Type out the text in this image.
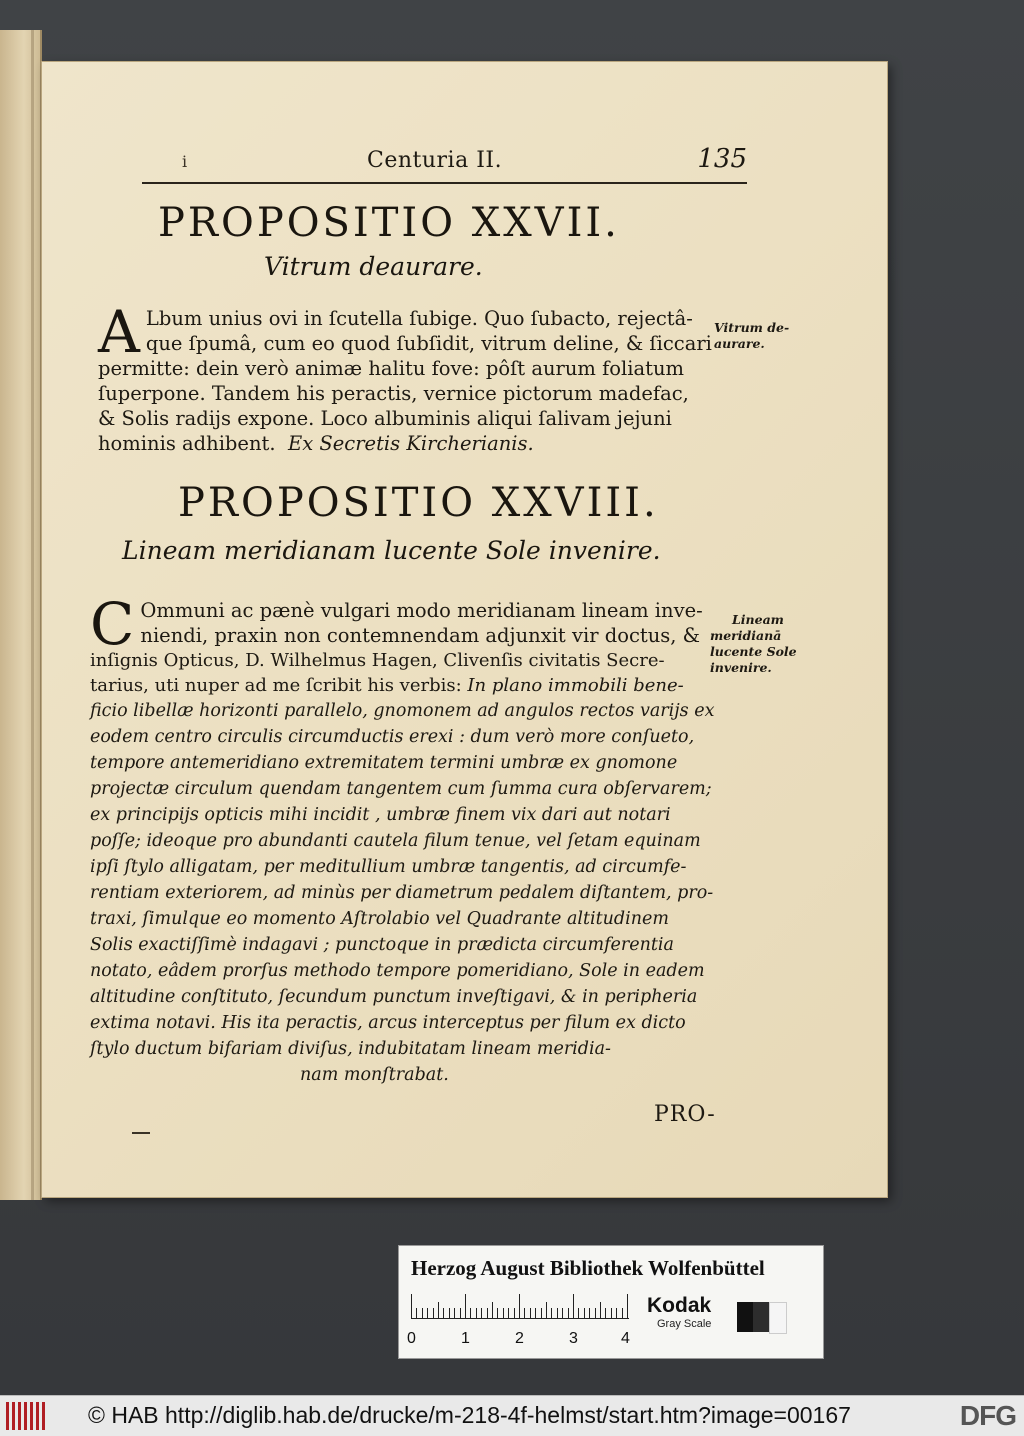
i	Centuria II.	135
PROPOSITIO XXVII.
Vitrum deaurare.
A Lbum unius ovi in ſcutella ſubige. Quo ſubacto, rejectâ-
que ſpumâ, cum eo quod ſubſidit, vitrum deline, & ſiccari
permitte: dein verò animæ halitu fove: pôſt aurum foliatum
ſuperpone. Tandem his peractis, vernice pictorum madefac,
& Solis radijs expone. Loco albuminis aliqui ſalivam jejuni
hominis adhibent. Ex Secretis Kircherianis.
Vitrum de-
aurare.
PROPOSITIO XXVIII.
Lineam meridianam lucente Sole invenire.
C Ommuni ac pænè vulgari modo meridianam lineam inve-
niendi, praxin non contemnendam adjunxit vir doctus, &
inſignis Opticus, D. Wilhelmus Hagen, Clivenſis civitatis Secre-
tarius, uti nuper ad me ſcribit his verbis: In plano immobili bene-
ficio libellæ horizonti parallelo, gnomonem ad angulos rectos varijs ex
eodem centro circulis circumductis erexi : dum verò more conſueto,
tempore antemeridiano extremitatem termini umbræ ex gnomone
projectæ circulum quendam tangentem cum ſumma cura obſervarem;
ex principijs opticis mihi incidit , umbræ finem vix dari aut notari
poſſe; ideoque pro abundanti cautela filum tenue, vel ſetam equinam
ipſi ſtylo alligatam, per meditullium umbræ tangentis, ad circumfe-
rentiam exteriorem, ad minùs per diametrum pedalem diſtantem, pro-
traxi, ſimulque eo momento Aſtrolabio vel Quadrante altitudinem
Solis exactiſſimè indagavi ; punctoque in prædicta circumferentia
notato, eâdem prorſus methodo tempore pomeridiano, Sole in eadem
altitudine conſtituto, ſecundum punctum inveſtigavi, & in peripheria
extima notavi. His ita peractis, arcus interceptus per filum ex dicto
ſtylo ductum bifariam diviſus, indubitatam lineam meridia-
nam monſtrabat.
Lineam
meridianā
lucente Sole
invenire.
PRO-
Herzog August Bibliothek Wolfenbüttel
0	1	2	3	4
Kodak
Gray Scale
© HAB http://diglib.hab.de/drucke/m-218-4f-helmst/start.htm?image=00167	DFG
